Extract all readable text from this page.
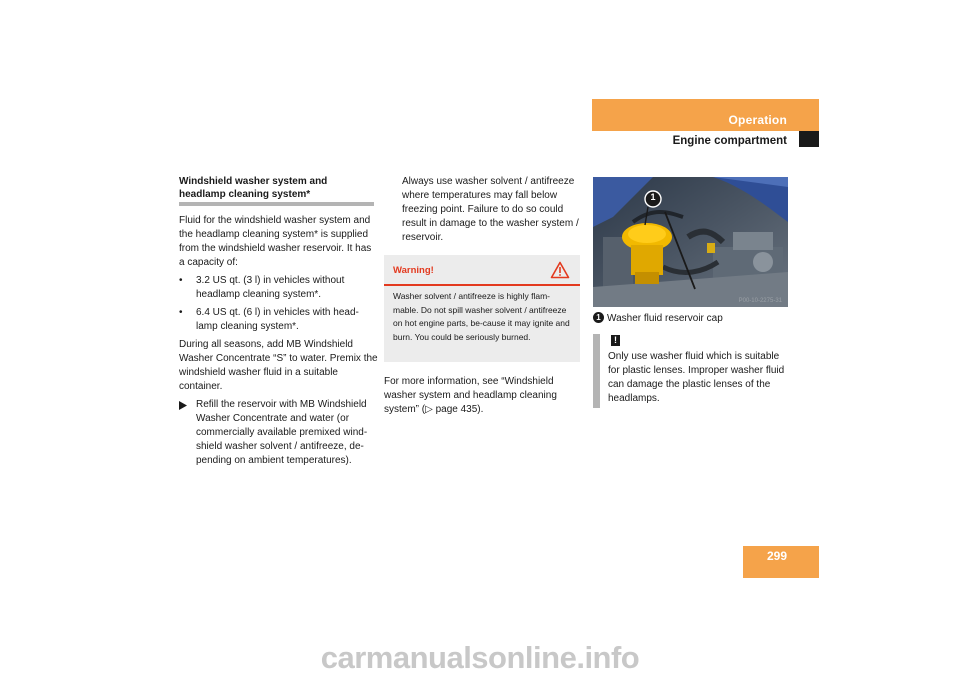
Operation
Engine compartment
Windshield washer system and headlamp cleaning system*

Fluid for the windshield washer system and the headlamp cleaning system* is supplied from the windshield washer reservoir. It has a capacity of:

•	3.2 US qt. (3 l) in vehicles without headlamp cleaning system*.
•	6.4 US qt. (6 l) in vehicles with head-lamp cleaning system*.

During all seasons, add MB Windshield Washer Concentrate “S” to water. Premix the windshield washer fluid in a suitable container.

Refill the reservoir with MB Windshield Washer Concentrate and water (or commercially available premixed wind-shield washer solvent / antifreeze, de-pending on ambient temperatures).
Always use washer solvent / antifreeze where temperatures may fall below freezing point. Failure to do so could result in damage to the washer system / reservoir.
Warning!
Washer solvent / antifreeze is highly flam-mable. Do not spill washer solvent / antifreeze on hot engine parts, be-cause it may ignite and burn. You could be seriously burned.
For more information, see “Windshield washer system and headlamp cleaning system” (▷ page 435).
P00-10-2275-31
1
1 Washer fluid reservoir cap
!
Only use washer fluid which is suitable for plastic lenses. Improper washer fluid can damage the plastic lenses of the headlamps.
299
carmanualsonline.info
